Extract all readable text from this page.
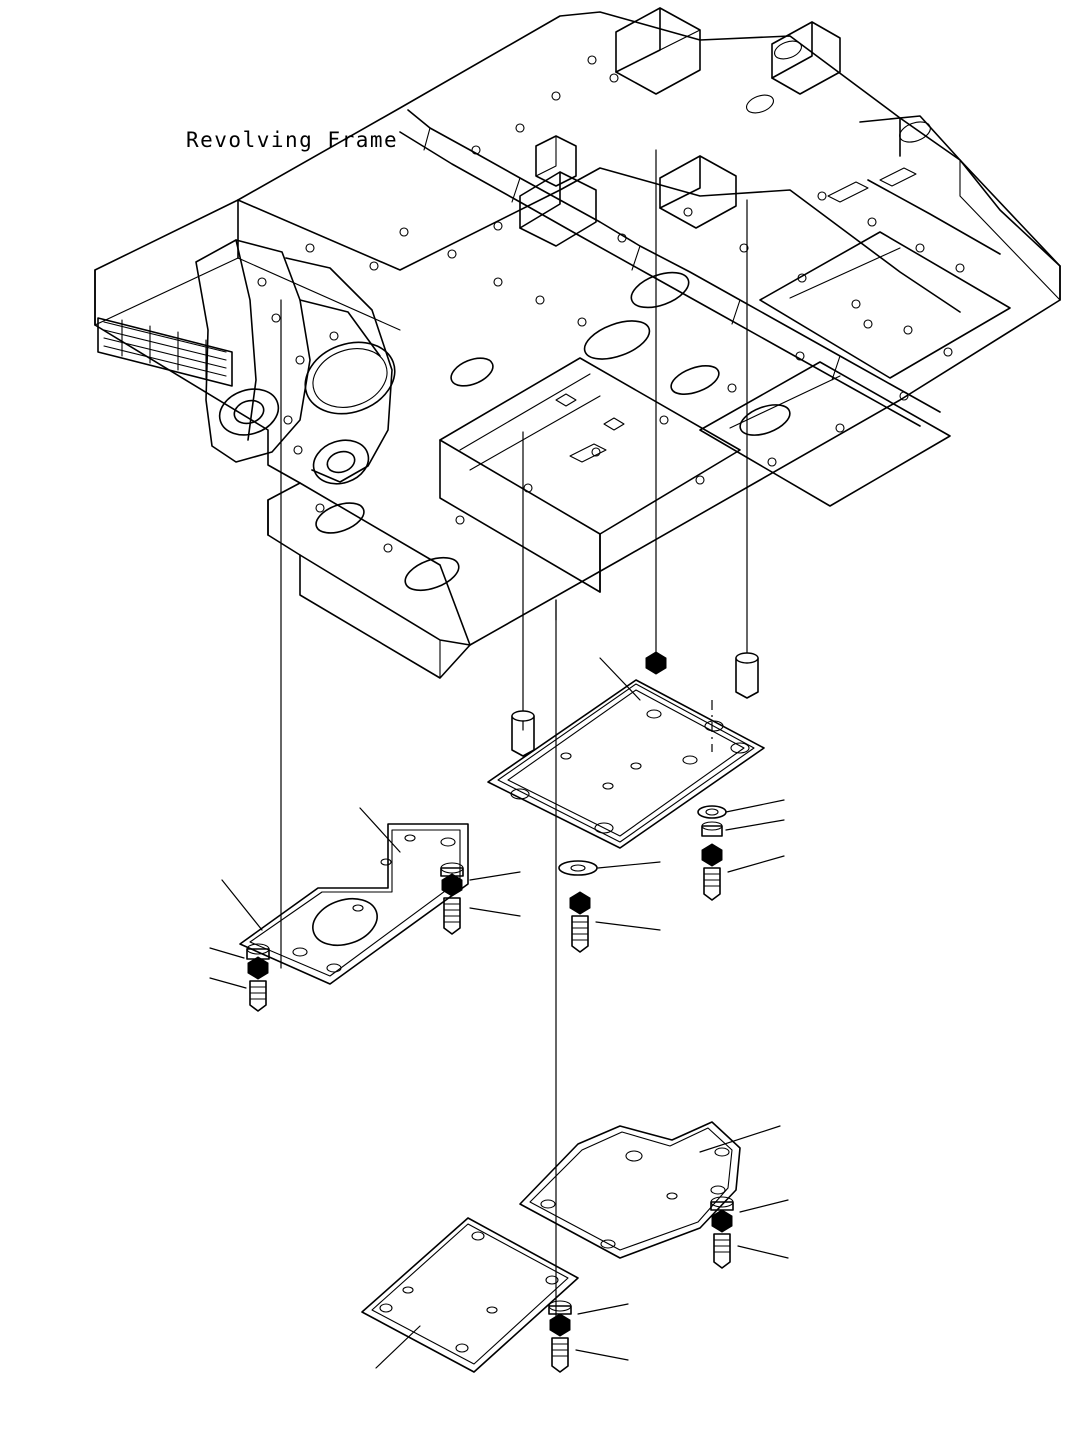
Revolving Frame
